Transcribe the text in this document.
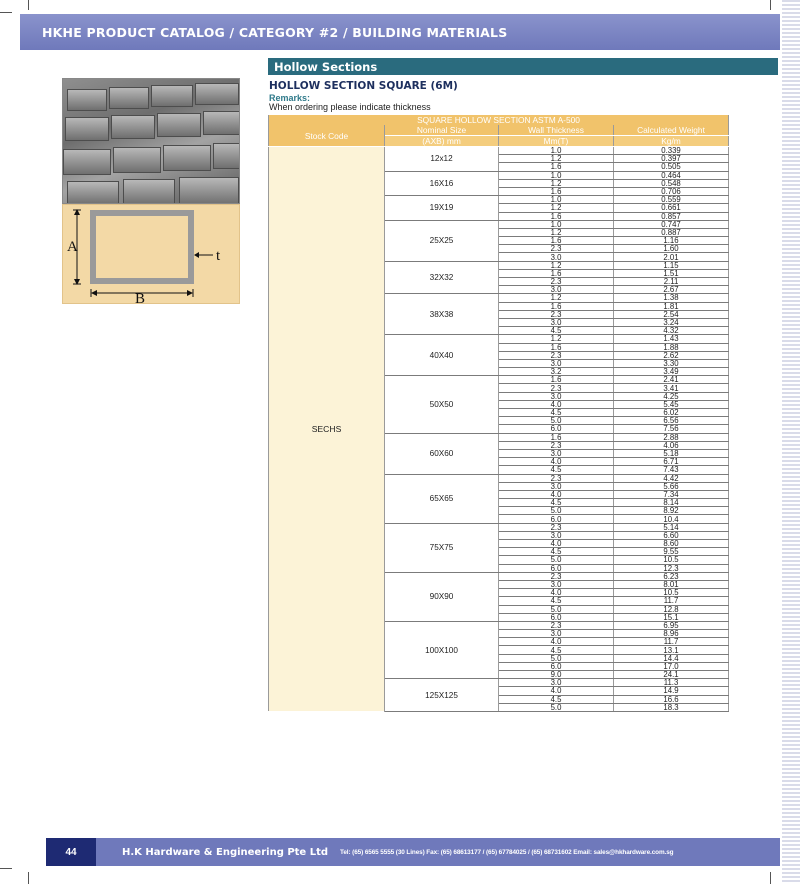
HKHE PRODUCT CATALOG / CATEGORY #2 / BUILDING MATERIALS
A
B
t
Hollow Sections
HOLLOW SECTION SQUARE (6M)
Remarks:
When ordering please indicate thickness
SQUARE HOLLOW SECTION ASTM A-500			
Stock Code	Nominal Size	Wall Thickness	Calculated Weight
	(AXB) mm	Mm(T)	Kg/m
SECHS	12x12	1.0	0.339
		1.2	0.397
		1.6	0.505
	16X16	1.0	0.464
		1.2	0.548
		1.6	0.706
	19X19	1.0	0.559
		1.2	0.661
		1.6	0.857
	25X25	1.0	0.747
		1.2	0.887
		1.6	1.16
		2.3	1.60
		3.0	2.01
	32X32	1.2	1.15
		1.6	1.51
		2.3	2.11
		3.0	2.67
	38X38	1.2	1.38
		1.6	1.81
		2.3	2.54
		3.0	3.24
		4.5	4.32
	40X40	1.2	1.43
		1.6	1.88
		2.3	2.62
		3.0	3.30
		3.2	3.49
	50X50	1.6	2.41
		2.3	3.41
		3.0	4.25
		4.0	5.45
		4.5	6.02
		5.0	6.56
		6.0	7.56
	60X60	1.6	2.88
		2.3	4.06
		3.0	5.18
		4.0	6.71
		4.5	7.43
	65X65	2.3	4.42
		3.0	5.66
		4.0	7.34
		4.5	8.14
		5.0	8.92
		6.0	10.4
	75X75	2.3	5.14
		3.0	6.60
		4.0	8.60
		4.5	9.55
		5.0	10.5
		6.0	12.3
	90X90	2.3	6.23
		3.0	8.01
		4.0	10.5
		4.5	11.7
		5.0	12.8
		6.0	15.1
	100X100	2.3	6.95
		3.0	8.96
		4.0	11.7
		4.5	13.1
		5.0	14.4
		6.0	17.0
		9.0	24.1
	125X125	3.0	11.3
		4.0	14.9
		4.5	16.6
		5.0	18.3
44	H.K Hardware & Engineering Pte Ltd Tel: (65) 6565 5555 (30 Lines) Fax: (65) 68613177 / (65) 67784025 / (65) 68731602 Email: sales@hkhardware.com.sg
